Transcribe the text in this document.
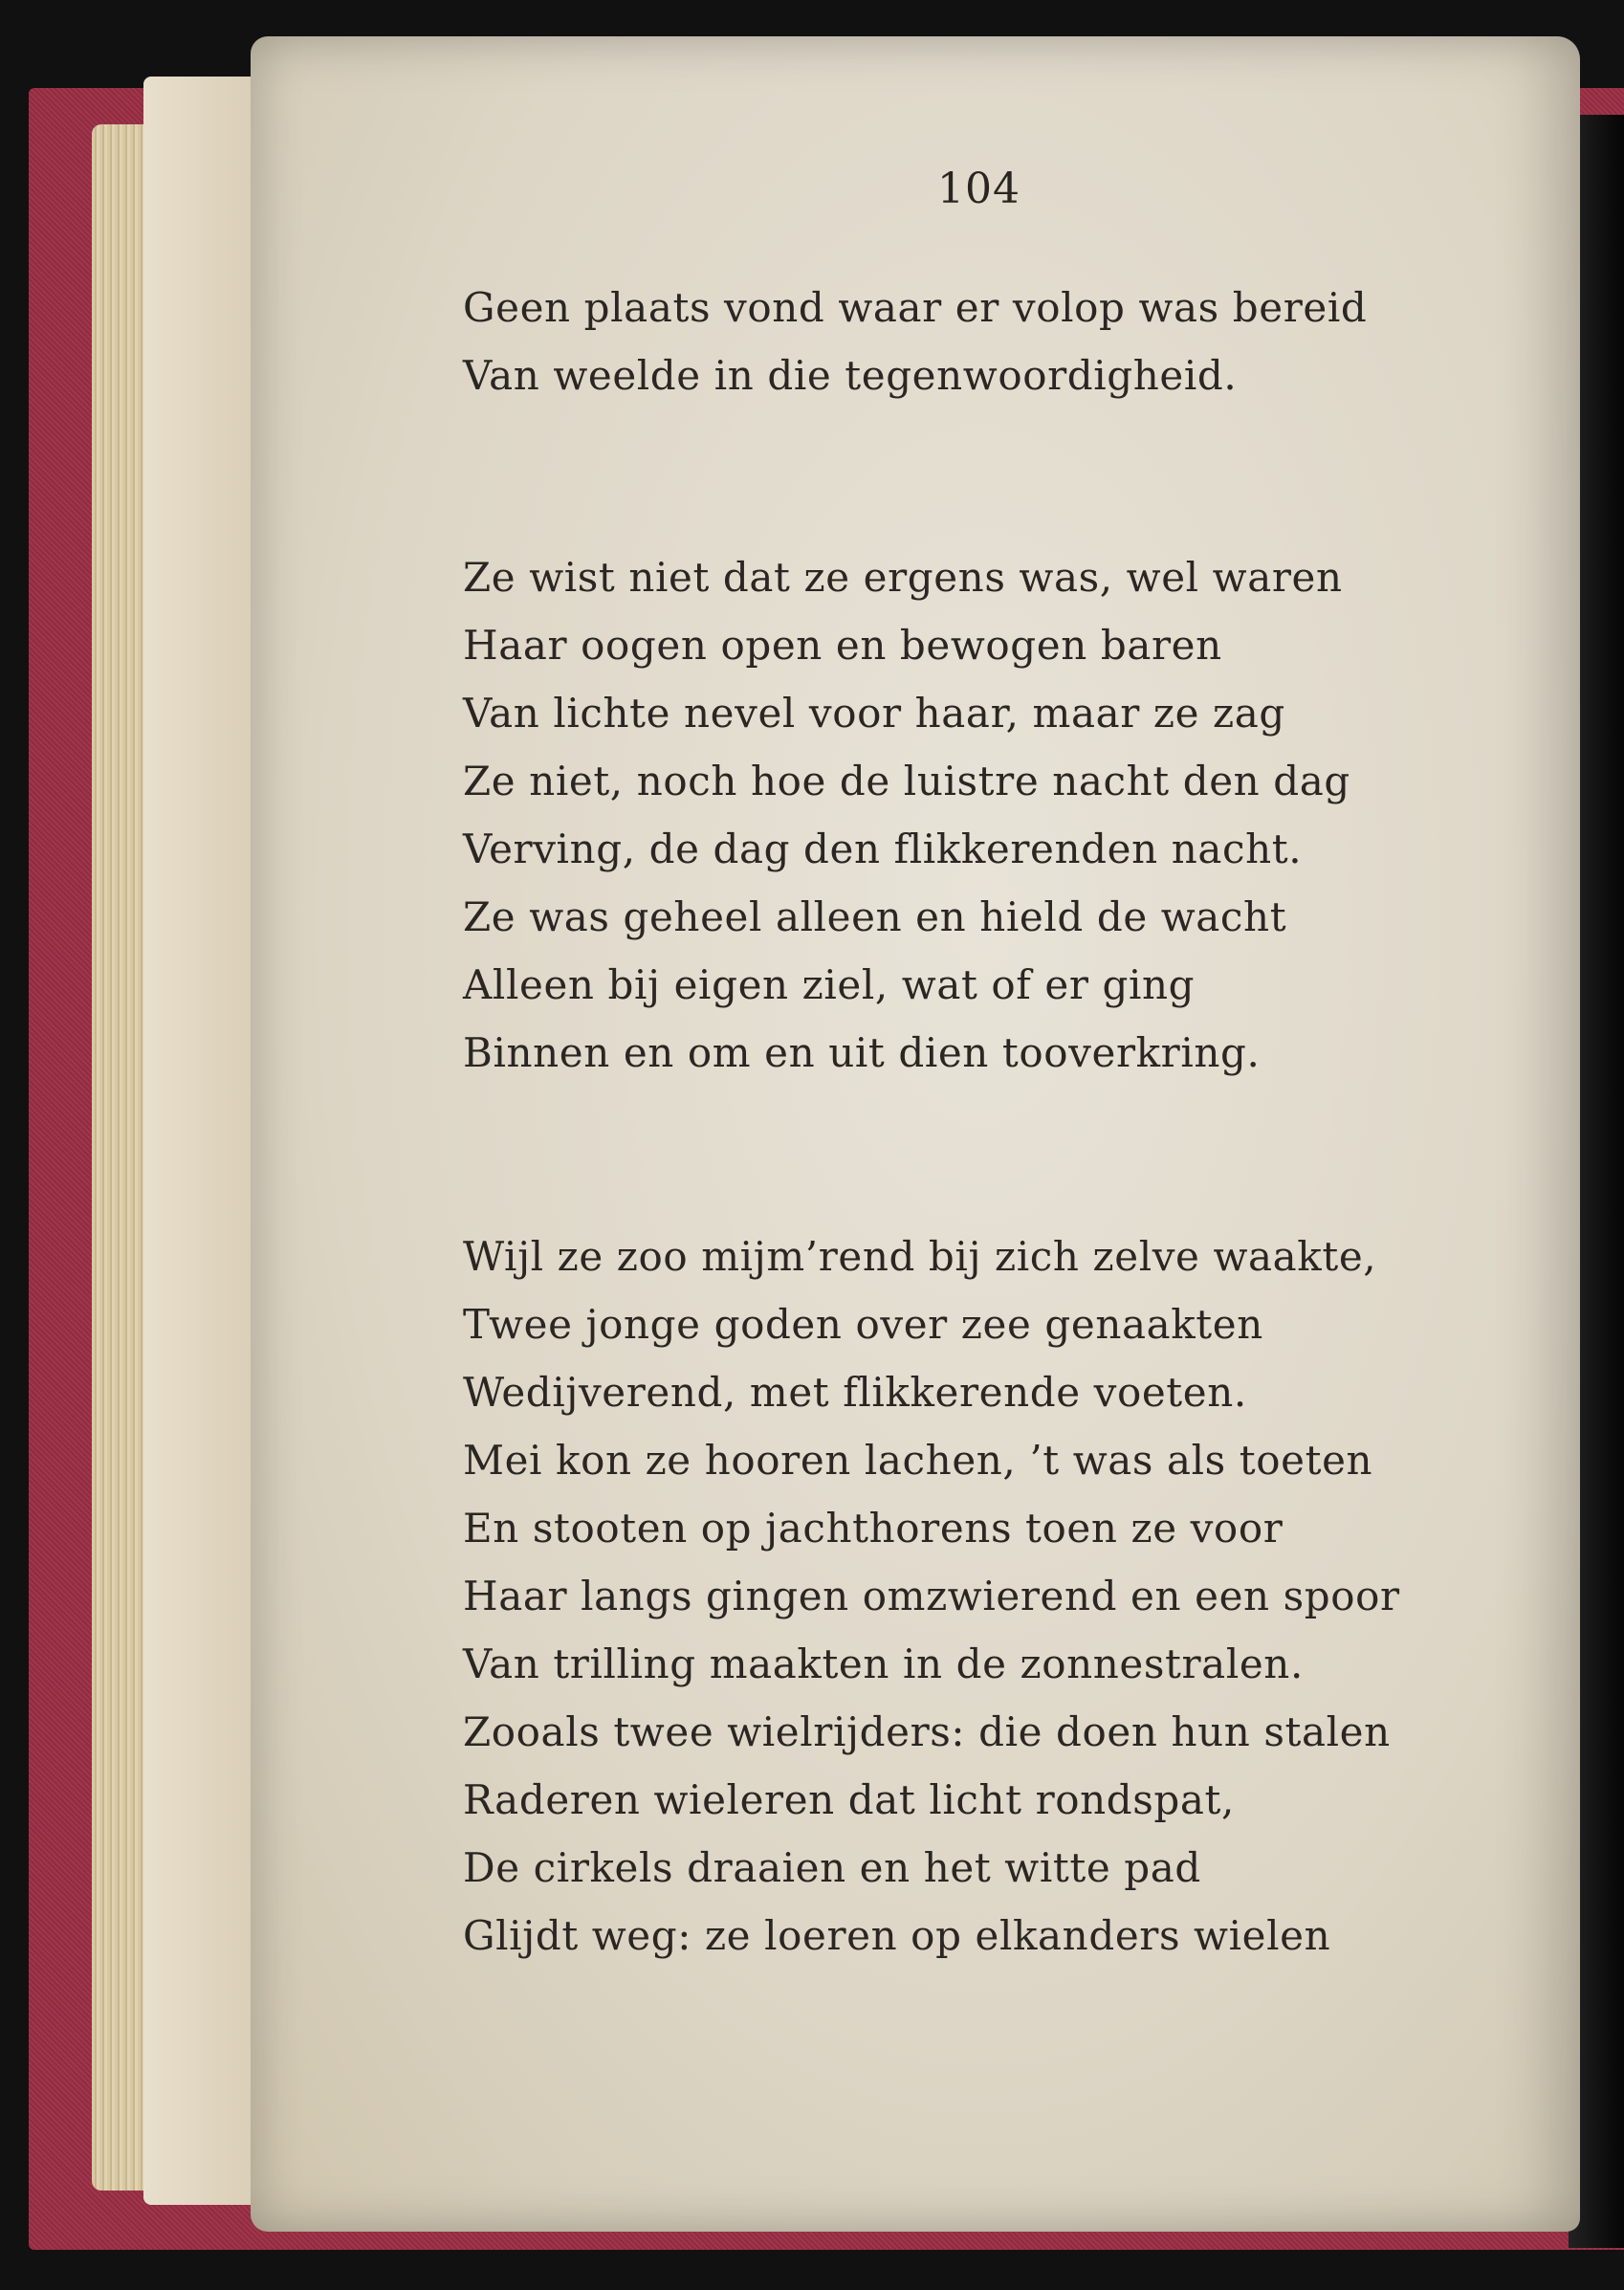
104
Geen plaats vond waar er volop was bereid
Van weelde in die tegenwoordigheid.
Ze wist niet dat ze ergens was, wel waren
Haar oogen open en bewogen baren
Van lichte nevel voor haar, maar ze zag
Ze niet, noch hoe de luistre nacht den dag
Verving, de dag den flikkerenden nacht.
Ze was geheel alleen en hield de wacht
Alleen bij eigen ziel, wat of er ging
Binnen en om en uit dien tooverkring.
Wijl ze zoo mijm’rend bij zich zelve waakte,
Twee jonge goden over zee genaakten
Wedijverend, met flikkerende voeten.
Mei kon ze hooren lachen, ’t was als toeten
En stooten op jachthorens toen ze voor
Haar langs gingen omzwierend en een spoor
Van trilling maakten in de zonnestralen.
Zooals twee wielrijders: die doen hun stalen
Raderen wieleren dat licht rondspat,
De cirkels draaien en het witte pad
Glijdt weg: ze loeren op elkanders wielen
